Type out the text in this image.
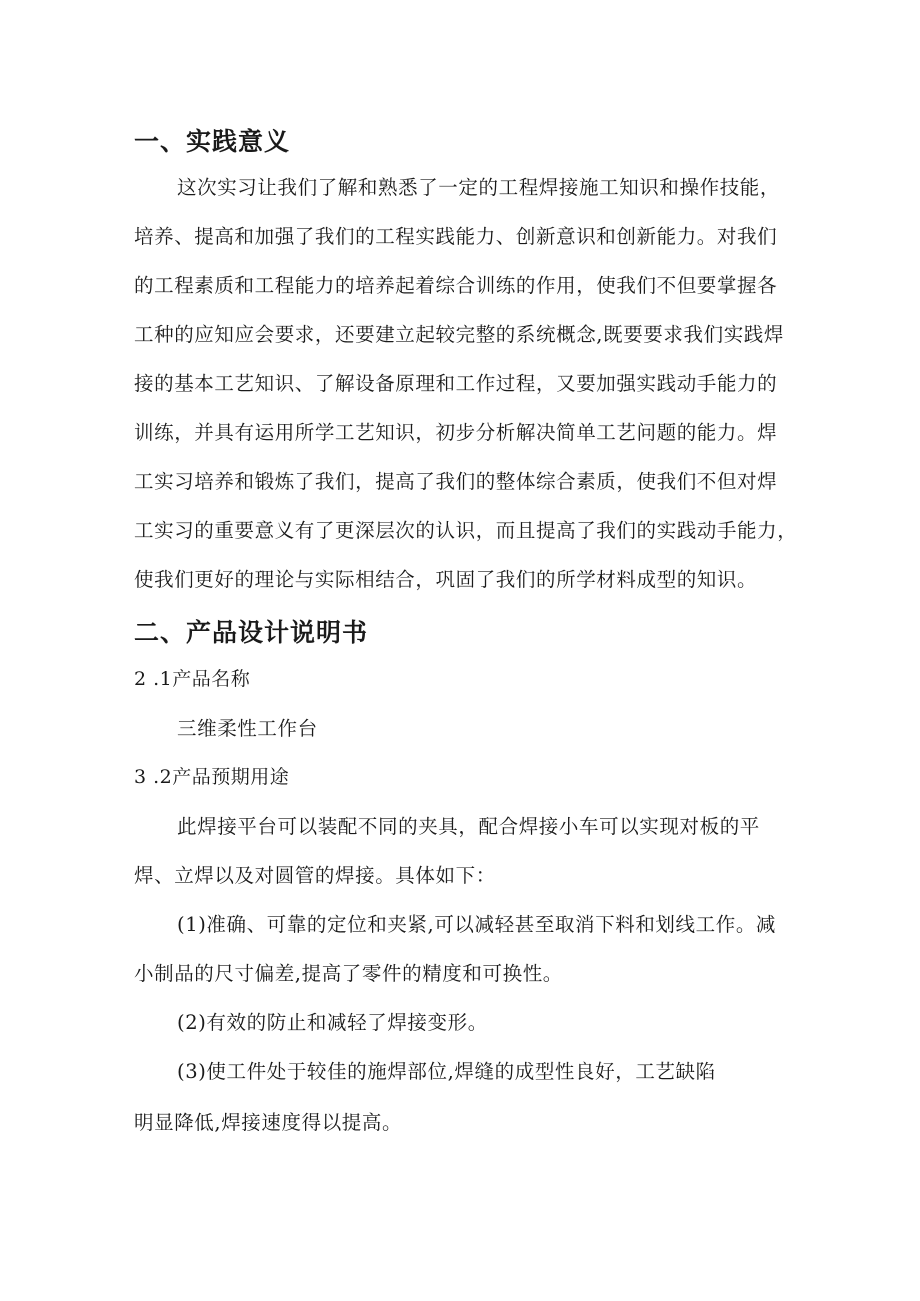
一、实践意义

这次实习让我们了解和熟悉了一定的工程焊接施工知识和操作技能，

培养、提高和加强了我们的工程实践能力、创新意识和创新能力。对我们

的工程素质和工程能力的培养起着综合训练的作用，使我们不但要掌握各

工种的应知应会要求，还要建立起较完整的系统概念,既要要求我们实践焊

接的基本工艺知识、了解设备原理和工作过程，又要加强实践动手能力的

训练，并具有运用所学工艺知识，初步分析解决简单工艺问题的能力。焊

工实习培养和锻炼了我们，提高了我们的整体综合素质，使我们不但对焊

工实习的重要意义有了更深层次的认识，而且提高了我们的实践动手能力，

使我们更好的理论与实际相结合，巩固了我们的所学材料成型的知识。

二、产品设计说明书

2 .1产品名称

三维柔性工作台

3 .2产品预期用途

此焊接平台可以装配不同的夹具，配合焊接小车可以实现对板的平

焊、立焊以及对圆管的焊接。具体如下：

(1)准确、可靠的定位和夹紧,可以减轻甚至取消下料和划线工作。减

小制品的尺寸偏差,提高了零件的精度和可换性。

(2)有效的防止和减轻了焊接变形。

(3)使工件处于较佳的施焊部位,焊缝的成型性良好，工艺缺陷

明显降低,焊接速度得以提高。
